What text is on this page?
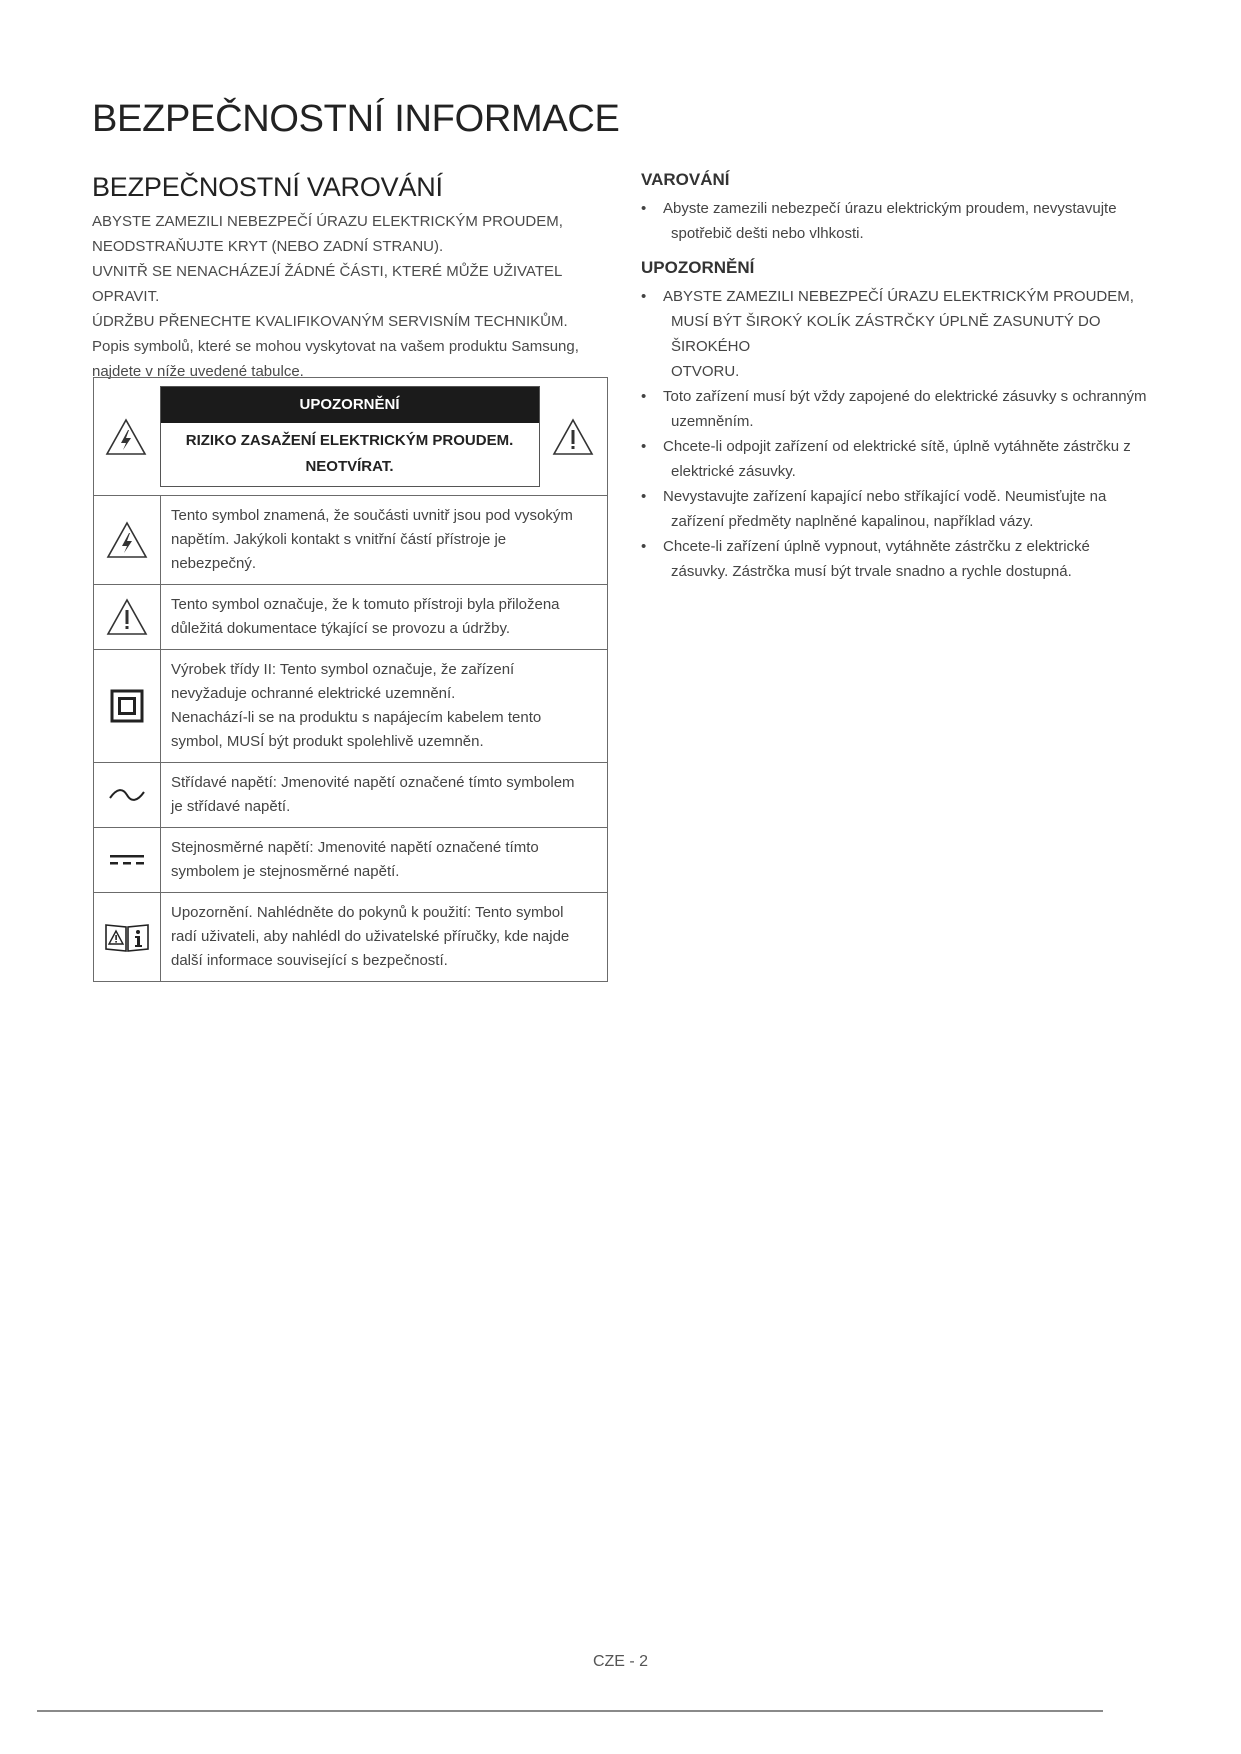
BEZPEČNOSTNÍ INFORMACE
BEZPEČNOSTNÍ VAROVÁNÍ

ABYSTE ZAMEZILI NEBEZPEČÍ ÚRAZU ELEKTRICKÝM PROUDEM,

NEODSTRAŇUJTE KRYT (NEBO ZADNÍ STRANU).

UVNITŘ SE NENACHÁZEJÍ ŽÁDNÉ ČÁSTI, KTERÉ MŮŽE UŽIVATEL OPRAVIT.

ÚDRŽBU PŘENECHTE KVALIFIKOVANÝM SERVISNÍM TECHNIKŮM.

Popis symbolů, které se mohou vyskytovat na vašem produktu Samsung,

najdete v níže uvedené tabulce.

UPOZORNĚNÍ
RIZIKO ZASAŽENÍ ELEKTRICKÝM PROUDEM.
NEOTVÍRAT.	

Tento symbol znamená, že součásti uvnitř jsou pod vysokým
napětím. Jakýkoli kontakt s vnitřní částí přístroje je
nebezpečný.

Tento symbol označuje, že k tomuto přístroji byla přiložena
důležitá dokumentace týkající se provozu a údržby.

Výrobek třídy II: Tento symbol označuje, že zařízení
nevyžaduje ochranné elektrické uzemnění.
Nenachází-li se na produktu s napájecím kabelem tento
symbol, MUSÍ být produkt spolehlivě uzemněn.

Střídavé napětí: Jmenovité napětí označené tímto symbolem
je střídavé napětí.

Stejnosměrné napětí: Jmenovité napětí označené tímto
symbolem je stejnosměrné napětí.

Upozornění. Nahlédněte do pokynů k použití: Tento symbol
radí uživateli, aby nahlédl do uživatelské příručky, kde najde
další informace související s bezpečností.
VAROVÁNÍ
• Abyste zamezili nebezpečí úrazu elektrickým proudem, nevystavujte
spotřebič dešti nebo vlhkosti.
UPOZORNĚNÍ
• ABYSTE ZAMEZILI NEBEZPEČÍ ÚRAZU ELEKTRICKÝM PROUDEM,
MUSÍ BÝT ŠIROKÝ KOLÍK ZÁSTRČKY ÚPLNĚ ZASUNUTÝ DO ŠIROKÉHO
OTVORU.
• Toto zařízení musí být vždy zapojené do elektrické zásuvky s ochranným
uzemněním.
• Chcete-li odpojit zařízení od elektrické sítě, úplně vytáhněte zástrčku z
elektrické zásuvky.
• Nevystavujte zařízení kapající nebo stříkající vodě. Neumisťujte na
zařízení předměty naplněné kapalinou, například vázy.
• Chcete-li zařízení úplně vypnout, vytáhněte zástrčku z elektrické
zásuvky. Zástrčka musí být trvale snadno a rychle dostupná.
CZE - 2
